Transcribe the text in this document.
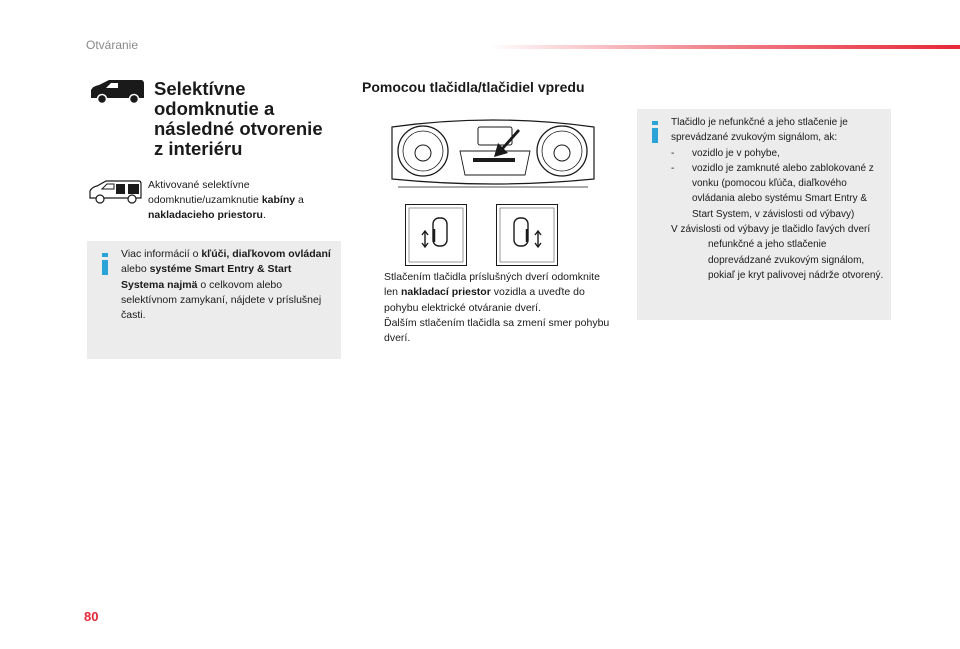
Otváranie
Selektívne
odomknutie a
následné otvorenie
z interiéru
Aktivované selektívne odomknutie/uzamknutie kabíny a nakladacieho priestoru.
Viac informácií o kľúči, diaľkovom ovládaní alebo systéme Smart Entry & Start Systema najmä o celkovom alebo selektívnom zamykaní, nájdete v príslušnej časti.
Pomocou tlačidla/tlačidiel vpredu
Stlačením tlačidla príslušných dverí odomknite len nakladací priestor vozidla a uveďte do pohybu elektrické otváranie dverí.
Ďalším stlačením tlačidla sa zmení smer pohybu dverí.
Tlačidlo je nefunkčné a jeho stlačenie je sprevádzané zvukovým signálom, ak:
- vozidlo je v pohybe,
- vozidlo je zamknuté alebo zablokované z vonku (pomocou kľúča, diaľkového ovládania alebo systému Smart Entry & Start System, v závislosti od výbavy)
V závislosti od výbavy je tlačidlo ľavých dverí nefunkčné a jeho stlačenie doprevádzané zvukovým signálom, pokiaľ je kryt palivovej nádrže otvorený.
80
